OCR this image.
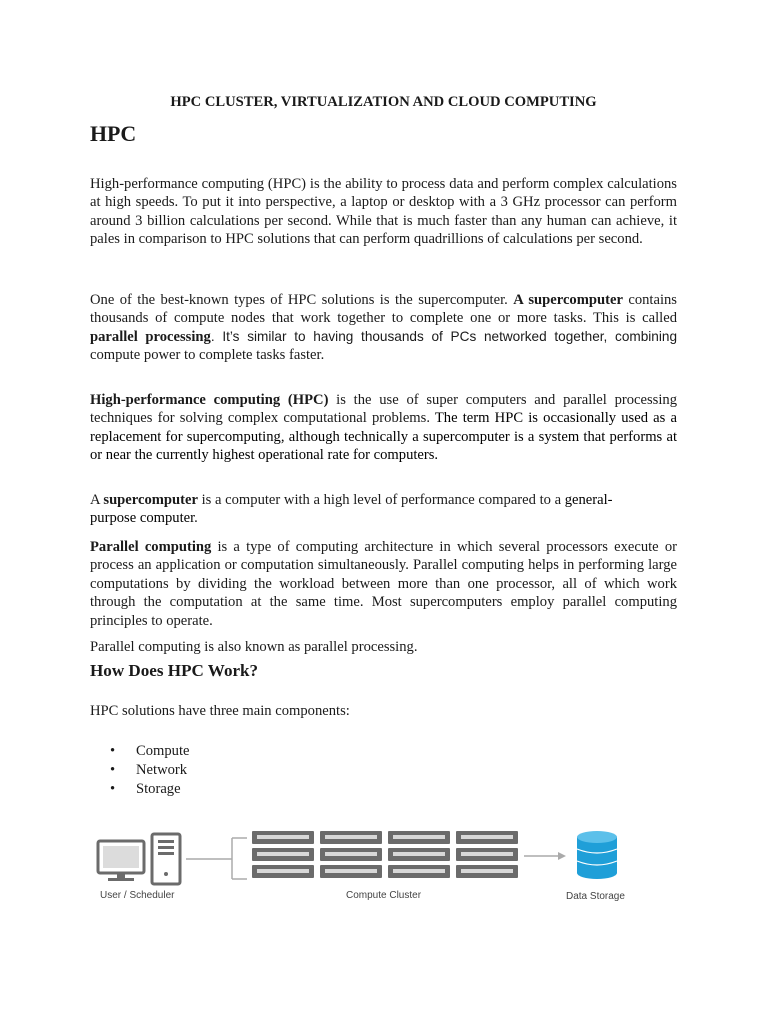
HPC CLUSTER, VIRTUALIZATION AND CLOUD COMPUTING
HPC

High-performance computing (HPC) is the ability to process data and perform complex calculations at high speeds. To put it into perspective, a laptop or desktop with a 3 GHz processor can perform around 3 billion calculations per second. While that is much faster than any human can achieve, it pales in comparison to HPC solutions that can perform quadrillions of calculations per second.

One of the best-known types of HPC solutions is the supercomputer. A supercomputer contains thousands of compute nodes that work together to complete one or more tasks. This is called parallel processing. It’s similar to having thousands of PCs networked together, combining compute power to complete tasks faster.

High-performance computing (HPC) is the use of super computers and parallel processing techniques for solving complex computational problems. The term HPC is occasionally used as a replacement for supercomputing, although technically a supercomputer is a system that performs at or near the currently highest operational rate for computers.

A supercomputer is a computer with a high level of performance compared to a general-purpose computer.

Parallel computing is a type of computing architecture in which several processors execute or process an application or computation simultaneously. Parallel computing helps in performing large computations by dividing the workload between more than one processor, all of which work through the computation at the same time. Most supercomputers employ parallel computing principles to operate.

Parallel computing is also known as parallel processing.

How Does HPC Work?

HPC solutions have three main components:

• Compute
• Network
• Storage
User / Scheduler	Compute Cluster	Data Storage
